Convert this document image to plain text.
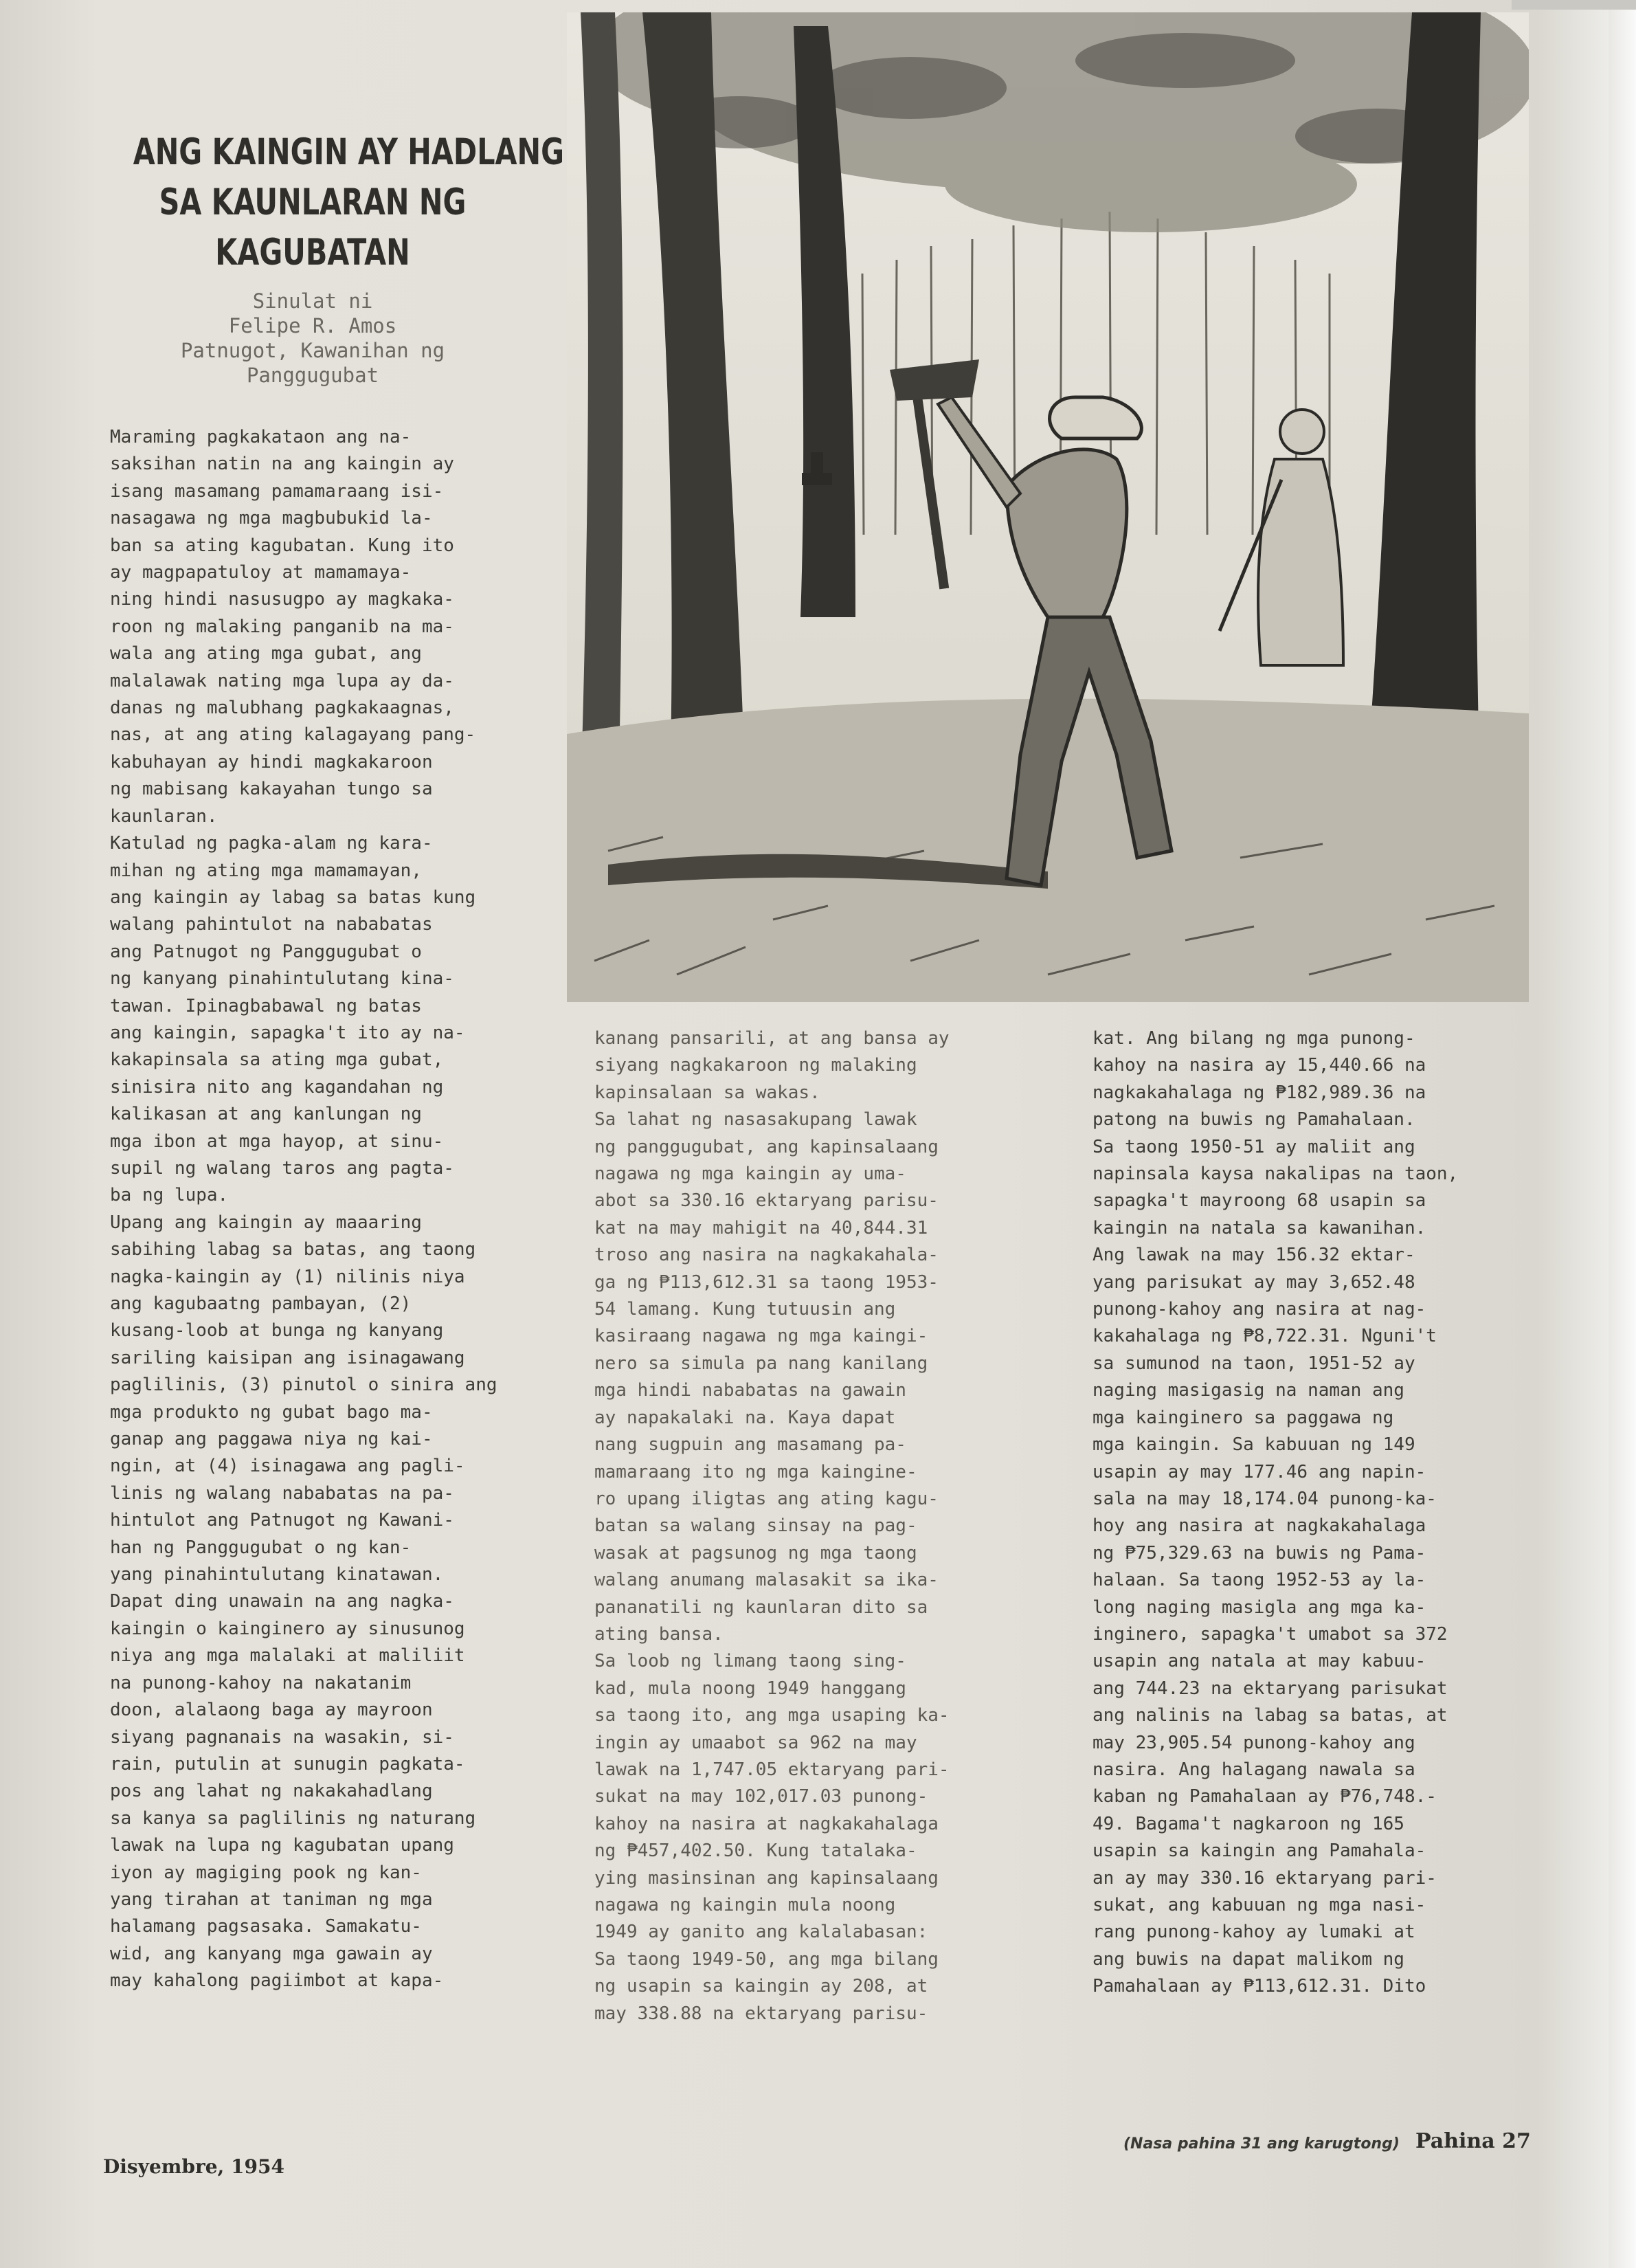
ANG KAINGIN AY HADLANG
SA KAUNLARAN NG
KAGUBATAN
Sinulat ni
Felipe R. Amos
Patnugot, Kawanihan ng
Panggugubat
Maraming pagkakataon ang na-
saksihan natin na ang kaingin ay
isang masamang pamamaraang isi-
nasagawa ng mga magbubukid la-
ban sa ating kagubatan. Kung ito
ay magpapatuloy at mamamaya-
ning hindi nasusugpo ay magkaka-
roon ng malaking panganib na ma-
wala ang ating mga gubat, ang
malalawak nating mga lupa ay da-
danas ng malubhang pagkakaagnas,
nas, at ang ating kalagayang pang-
kabuhayan ay hindi magkakaroon
ng mabisang kakayahan tungo sa
kaunlaran.
Katulad ng pagka-alam ng kara-
mihan ng ating mga mamamayan,
ang kaingin ay labag sa batas kung
walang pahintulot na nababatas
ang Patnugot ng Panggugubat o
ng kanyang pinahintulutang kina-
tawan. Ipinagbabawal ng batas
ang kaingin, sapagka't ito ay na-
kakapinsala sa ating mga gubat,
sinisira nito ang kagandahan ng
kalikasan at ang kanlungan ng
mga ibon at mga hayop, at sinu-
supil ng walang taros ang pagta-
ba ng lupa.
Upang ang kaingin ay maaaring
sabihing labag sa batas, ang taong
nagka-kaingin ay (1) nilinis niya
ang kagubaatng pambayan, (2)
kusang-loob at bunga ng kanyang
sariling kaisipan ang isinagawang
paglilinis, (3) pinutol o sinira ang
mga produkto ng gubat bago ma-
ganap ang paggawa niya ng kai-
ngin, at (4) isinagawa ang pagli-
linis ng walang nababatas na pa-
hintulot ang Patnugot ng Kawani-
han ng Panggugubat o ng kan-
yang pinahintulutang kinatawan.
Dapat ding unawain na ang nagka-
kaingin o kainginero ay sinusunog
niya ang mga malalaki at maliliit
na punong-kahoy na nakatanim
doon, alalaong baga ay mayroon
siyang pagnanais na wasakin, si-
rain, putulin at sunugin pagkata-
pos ang lahat ng nakakahadlang
sa kanya sa paglilinis ng naturang
lawak na lupa ng kagubatan upang
iyon ay magiging pook ng kan-
yang tirahan at taniman ng mga
halamang pagsasaka. Samakatu-
wid, ang kanyang mga gawain ay
may kahalong pagiimbot at kapa-
kanang pansarili, at ang bansa ay
siyang nagkakaroon ng malaking
kapinsalaan sa wakas.
Sa lahat ng nasasakupang lawak
ng panggugubat, ang kapinsalaang
nagawa ng mga kaingin ay uma-
abot sa 330.16 ektaryang parisu-
kat na may mahigit na 40,844.31
troso ang nasira na nagkakahala-
ga ng ₱113,612.31 sa taong 1953-
54 lamang. Kung tutuusin ang
kasiraang nagawa ng mga kaingi-
nero sa simula pa nang kanilang
mga hindi nababatas na gawain
ay napakalaki na. Kaya dapat
nang sugpuin ang masamang pa-
mamaraang ito ng mga kaingine-
ro upang iligtas ang ating kagu-
batan sa walang sinsay na pag-
wasak at pagsunog ng mga taong
walang anumang malasakit sa ika-
pananatili ng kaunlaran dito sa
ating bansa.
Sa loob ng limang taong sing-
kad, mula noong 1949 hanggang
sa taong ito, ang mga usaping ka-
ingin ay umaabot sa 962 na may
lawak na 1,747.05 ektaryang pari-
sukat na may 102,017.03 punong-
kahoy na nasira at nagkakahalaga
ng ₱457,402.50. Kung tatalaka-
ying masinsinan ang kapinsalaang
nagawa ng kaingin mula noong
1949 ay ganito ang kalalabasan:
Sa taong 1949-50, ang mga bilang
ng usapin sa kaingin ay 208, at
may 338.88 na ektaryang parisu-
kat. Ang bilang ng mga punong-
kahoy na nasira ay 15,440.66 na
nagkakahalaga ng ₱182,989.36 na
patong na buwis ng Pamahalaan.
Sa taong 1950-51 ay maliit ang
napinsala kaysa nakalipas na taon,
sapagka't mayroong 68 usapin sa
kaingin na natala sa kawanihan.
Ang lawak na may 156.32 ektar-
yang parisukat ay may 3,652.48
punong-kahoy ang nasira at nag-
kakahalaga ng ₱8,722.31. Nguni't
sa sumunod na taon, 1951-52 ay
naging masigasig na naman ang
mga kainginero sa paggawa ng
mga kaingin. Sa kabuuan ng 149
usapin ay may 177.46 ang napin-
sala na may 18,174.04 punong-ka-
hoy ang nasira at nagkakahalaga
ng ₱75,329.63 na buwis ng Pama-
halaan. Sa taong 1952-53 ay la-
long naging masigla ang mga ka-
inginero, sapagka't umabot sa 372
usapin ang natala at may kabuu-
ang 744.23 na ektaryang parisukat
ang nalinis na labag sa batas, at
may 23,905.54 punong-kahoy ang
nasira. Ang halagang nawala sa
kaban ng Pamahalaan ay ₱76,748.-
49. Bagama't nagkaroon ng 165
usapin sa kaingin ang Pamahala-
an ay may 330.16 ektaryang pari-
sukat, ang kabuuan ng mga nasi-
rang punong-kahoy ay lumaki at
ang buwis na dapat malikom ng
Pamahalaan ay ₱113,612.31. Dito
(Nasa pahina 31 ang karugtong)
Disyembre, 1954
Pahina 27
